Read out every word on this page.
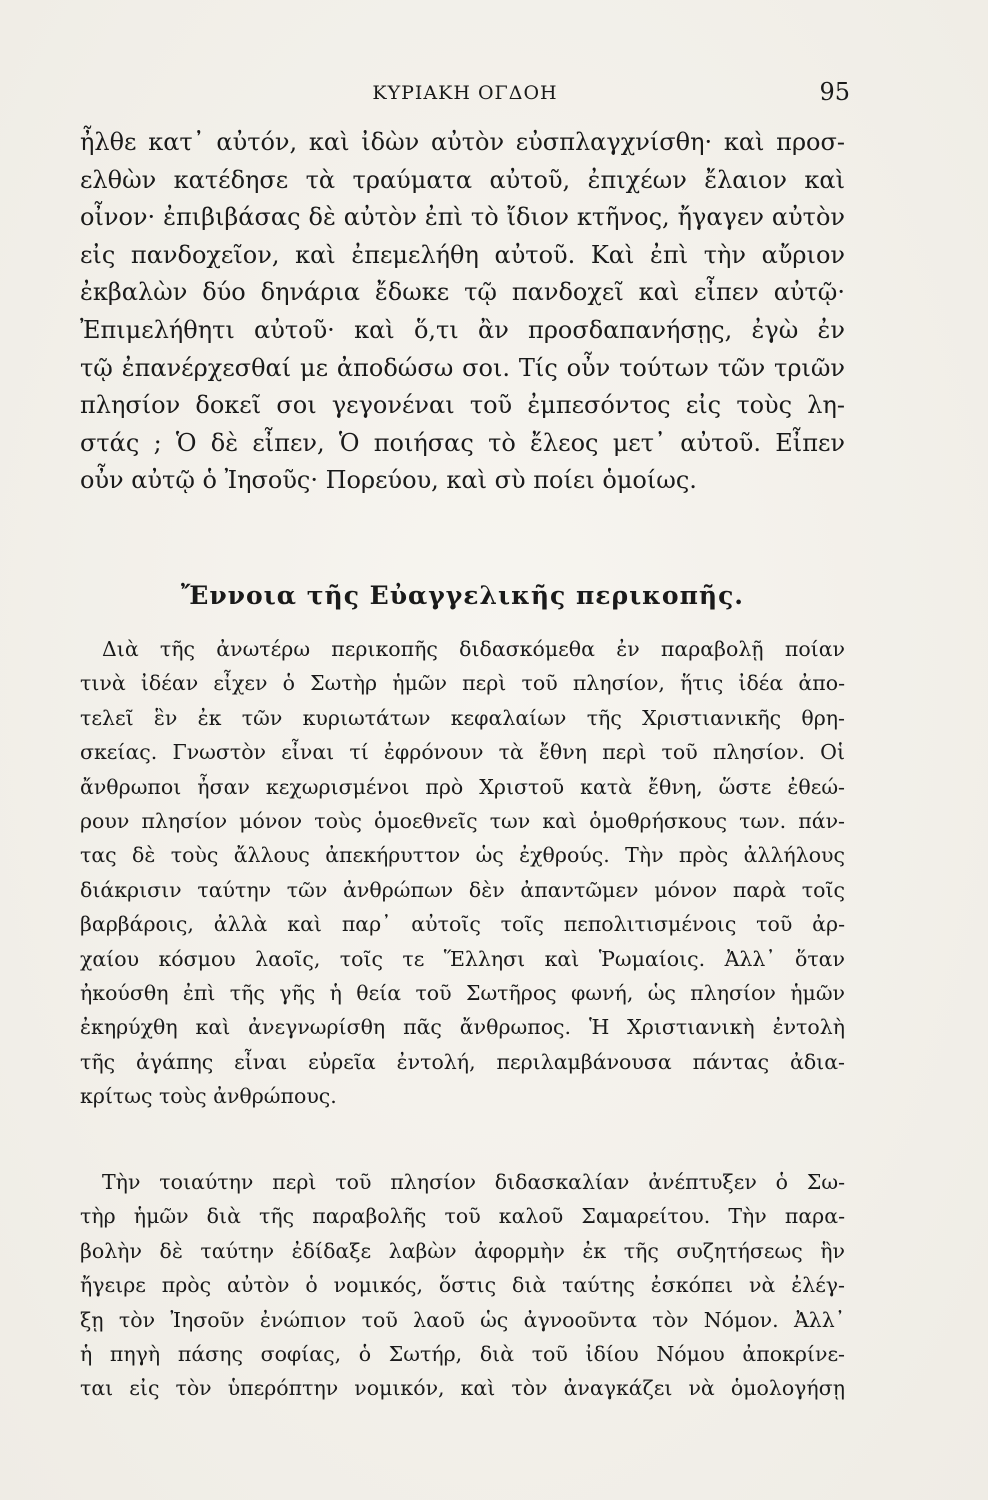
ΚΥΡΙΑΚΗ ΟΓΔΟΗ	95
ἦλθε κατ᾽ αὐτόν, καὶ ἰδὼν αὐτὸν εὐσπλαγχνίσθη· καὶ προσ-
ελθὼν κατέδησε τὰ τραύματα αὐτοῦ, ἐπιχέων ἔλαιον καὶ
οἶνον· ἐπιβιβάσας δὲ αὐτὸν ἐπὶ τὸ ἴδιον κτῆνος, ἤγαγεν αὐτὸν
εἰς πανδοχεῖον, καὶ ἐπεμελήθη αὐτοῦ. Καὶ ἐπὶ τὴν αὔριον
ἐκβαλὼν δύο δηνάρια ἔδωκε τῷ πανδοχεῖ καὶ εἶπεν αὐτῷ·
Ἐπιμελήθητι αὐτοῦ· καὶ ὅ,τι ἂν προσδαπανήσῃς, ἐγὼ ἐν
τῷ ἐπανέρχεσθαί με ἀποδώσω σοι. Τίς οὖν τούτων τῶν τριῶν
πλησίον δοκεῖ σοι γεγονέναι τοῦ ἐμπεσόντος εἰς τοὺς λη-
στάς ; Ὁ δὲ εἶπεν, Ὁ ποιήσας τὸ ἔλεος μετ᾽ αὐτοῦ. Εἶπεν
οὖν αὐτῷ ὁ Ἰησοῦς· Πορεύου, καὶ σὺ ποίει ὁμοίως.
Ἔννοια τῆς Εὐαγγελικῆς περικοπῆς.
Διὰ τῆς ἀνωτέρω περικοπῆς διδασκόμεθα ἐν παραβολῇ ποίαν
τινὰ ἰδέαν εἶχεν ὁ Σωτὴρ ἡμῶν περὶ τοῦ πλησίον, ἥτις ἰδέα ἀπο-
τελεῖ ἓν ἐκ τῶν κυριωτάτων κεφαλαίων τῆς Χριστιανικῆς θρη-
σκείας. Γνωστὸν εἶναι τί ἐφρόνουν τὰ ἔθνη περὶ τοῦ πλησίον. Οἱ
ἄνθρωποι ἦσαν κεχωρισμένοι πρὸ Χριστοῦ κατὰ ἔθνη, ὥστε ἐθεώ-
ρουν πλησίον μόνον τοὺς ὁμοεθνεῖς των καὶ ὁμοθρήσκους των. πάν-
τας δὲ τοὺς ἄλλους ἀπεκήρυττον ὡς ἐχθρούς. Τὴν πρὸς ἀλλήλους
διάκρισιν ταύτην τῶν ἀνθρώπων δὲν ἀπαντῶμεν μόνον παρὰ τοῖς
βαρβάροις, ἀλλὰ καὶ παρ᾽ αὐτοῖς τοῖς πεπολιτισμένοις τοῦ ἀρ-
χαίου κόσμου λαοῖς, τοῖς τε Ἕλλησι καὶ Ῥωμαίοις. Ἀλλ᾽ ὅταν
ἠκούσθη ἐπὶ τῆς γῆς ἡ θεία τοῦ Σωτῆρος φωνή, ὡς πλησίον ἡμῶν
ἐκηρύχθη καὶ ἀνεγνωρίσθη πᾶς ἄνθρωπος. Ἡ Χριστιανικὴ ἐντολὴ
τῆς ἀγάπης εἶναι εὐρεῖα ἐντολή, περιλαμβάνουσα πάντας ἀδια-
κρίτως τοὺς ἀνθρώπους.
Τὴν τοιαύτην περὶ τοῦ πλησίον διδασκαλίαν ἀνέπτυξεν ὁ Σω-
τὴρ ἡμῶν διὰ τῆς παραβολῆς τοῦ καλοῦ Σαμαρείτου. Τὴν παρα-
βολὴν δὲ ταύτην ἐδίδαξε λαβὼν ἀφορμὴν ἐκ τῆς συζητήσεως ἣν
ἤγειρε πρὸς αὐτὸν ὁ νομικός, ὅστις διὰ ταύτης ἐσκόπει νὰ ἐλέγ-
ξῃ τὸν Ἰησοῦν ἐνώπιον τοῦ λαοῦ ὡς ἀγνοοῦντα τὸν Νόμον. Ἀλλ᾽
ἡ πηγὴ πάσης σοφίας, ὁ Σωτήρ, διὰ τοῦ ἰδίου Νόμου ἀποκρίνε-
ται εἰς τὸν ὑπερόπτην νομικόν, καὶ τὸν ἀναγκάζει νὰ ὁμολογήσῃ
